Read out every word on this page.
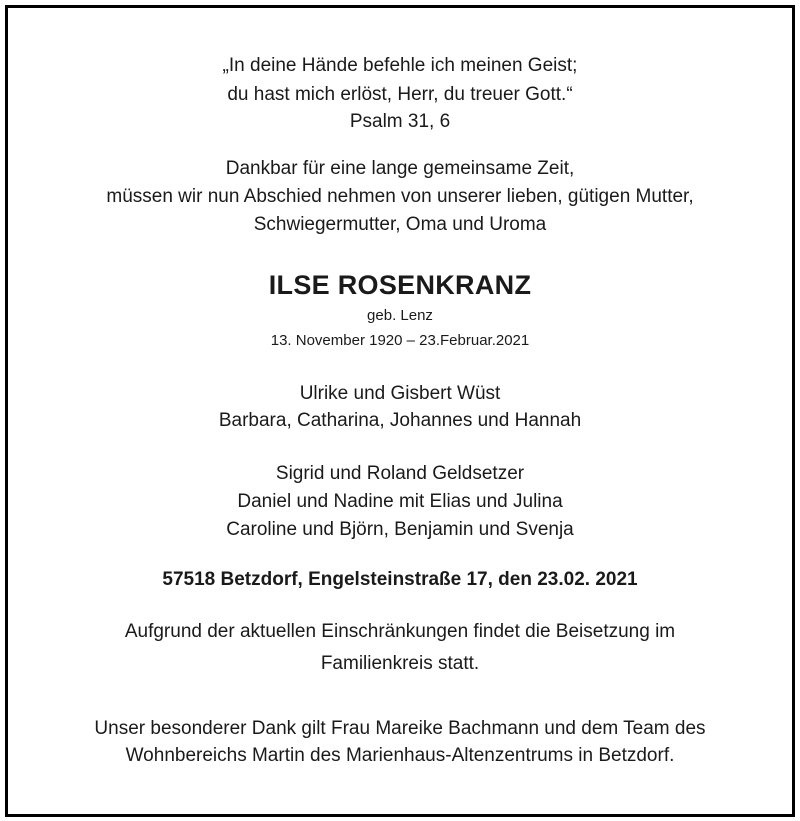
„In deine Hände befehle ich meinen Geist;
du hast mich erlöst, Herr, du treuer Gott.“
Psalm 31, 6
Dankbar für eine lange gemeinsame Zeit,
müssen wir nun Abschied nehmen von unserer lieben, gütigen Mutter,
Schwiegermutter, Oma und Uroma
ILSE ROSENKRANZ
geb. Lenz
13. November 1920 – 23.Februar.2021
Ulrike und Gisbert Wüst
Barbara, Catharina, Johannes und Hannah
Sigrid und Roland Geldsetzer
Daniel und Nadine mit Elias und Julina
Caroline und Björn, Benjamin und Svenja
57518 Betzdorf, Engelsteinstraße 17, den 23.02. 2021
Aufgrund der aktuellen Einschränkungen findet die Beisetzung im
Familienkreis statt.
Unser besonderer Dank gilt Frau Mareike Bachmann und dem Team des
Wohnbereichs Martin des Marienhaus-Altenzentrums in Betzdorf.
